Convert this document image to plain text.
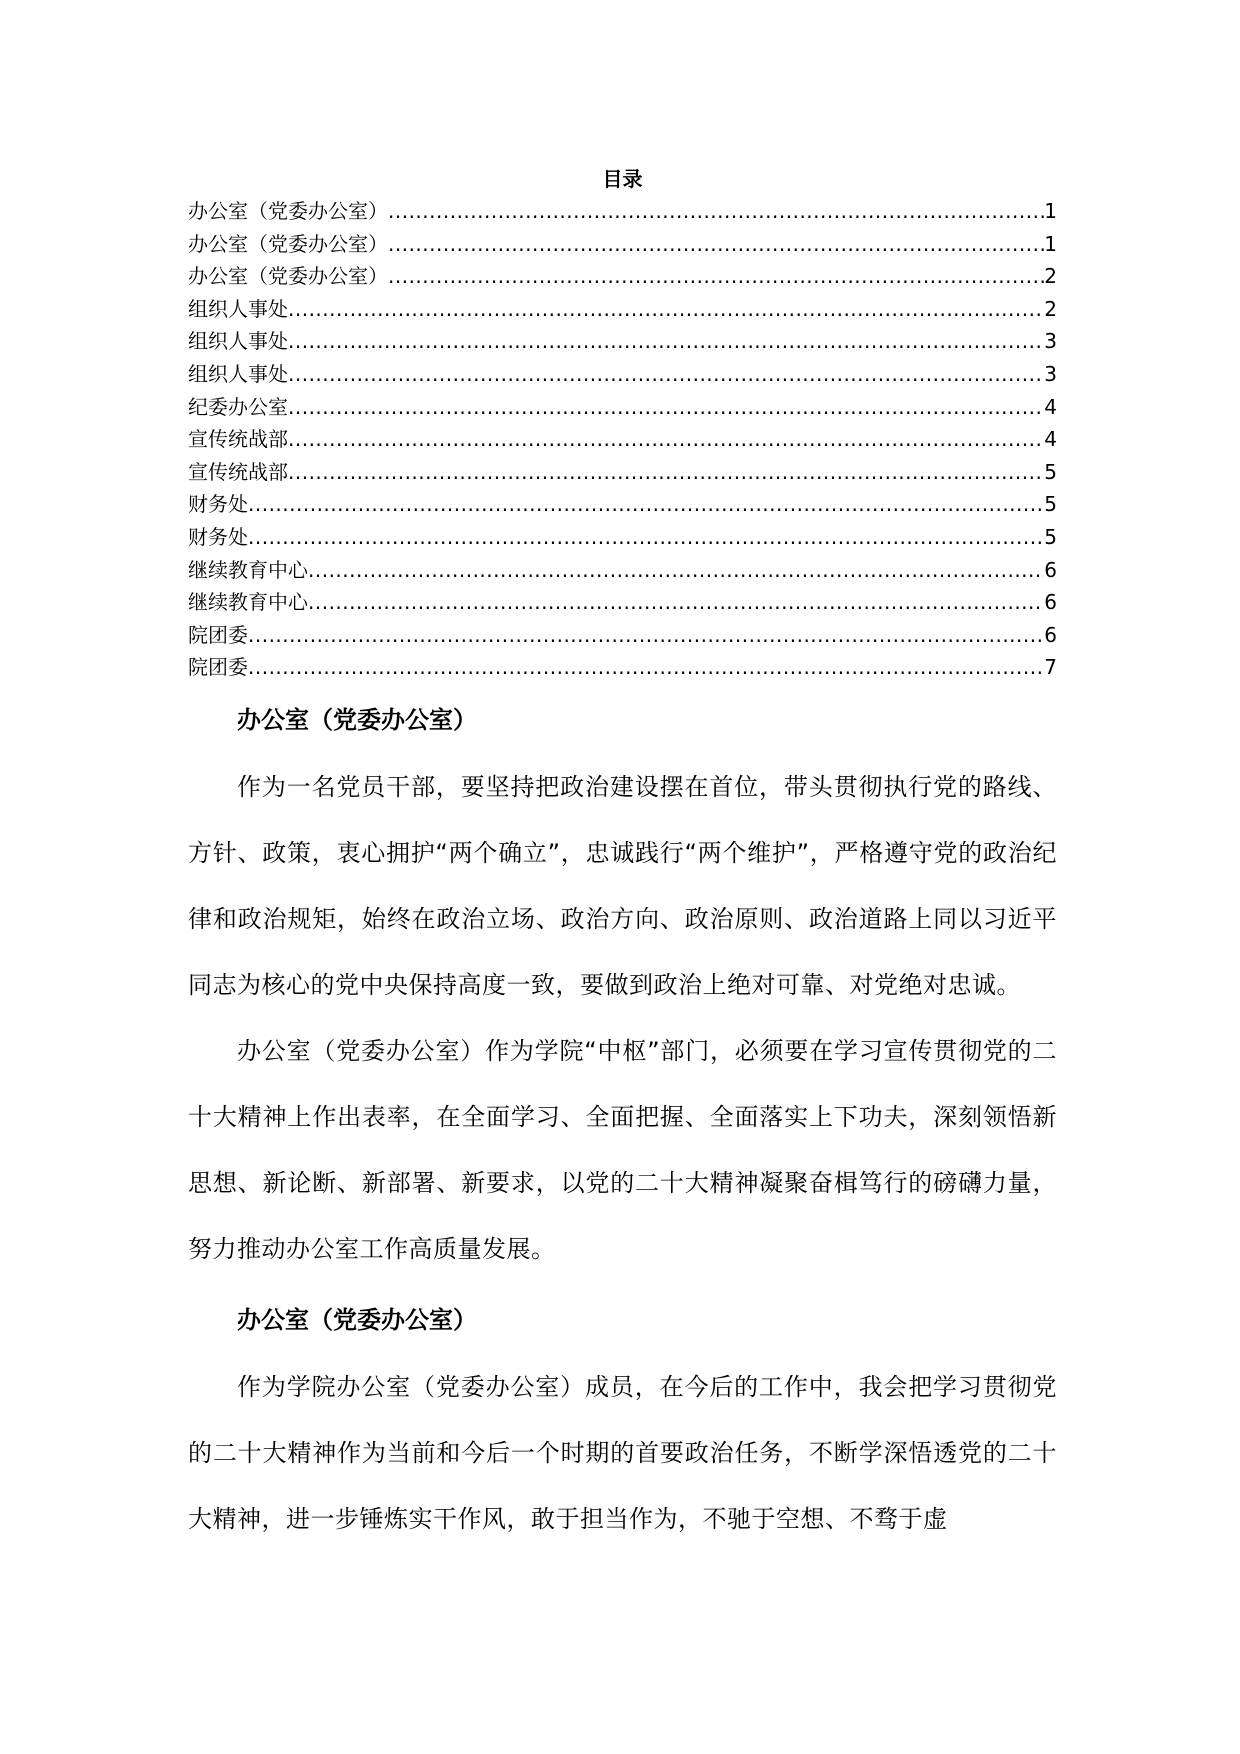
目录
办公室（党委办公室） .....	1
办公室（党委办公室） .....	1
办公室（党委办公室） .....	2
组织人事处 .....	2
组织人事处 .....	3
组织人事处 .....	3
纪委办公室 .....	4
宣传统战部 .....	4
宣传统战部 .....	5
财务处 .....	5
财务处 .....	5
继续教育中心 .....	6
继续教育中心 .....	6
院团委 .....	6
院团委 .....	7
办公室（党委办公室）

作为一名党员干部，要坚持把政治建设摆在首位，带头贯彻执行党的路线、方针、政策，衷心拥护“两个确立”，忠诚践行“两个维护”，严格遵守党的政治纪律和政治规矩，始终在政治立场、政治方向、政治原则、政治道路上同以习近平同志为核心的党中央保持高度一致，要做到政治上绝对可靠、对党绝对忠诚。

办公室（党委办公室）作为学院“中枢”部门，必须要在学习宣传贯彻党的二十大精神上作出表率，在全面学习、全面把握、全面落实上下功夫，深刻领悟新思想、新论断、新部署、新要求，以党的二十大精神凝聚奋楫笃行的磅礴力量，努力推动办公室工作高质量发展。

办公室（党委办公室）

作为学院办公室（党委办公室）成员，在今后的工作中，我会把学习贯彻党的二十大精神作为当前和今后一个时期的首要政治任务，不断学深悟透党的二十大精神，进一步锤炼实干作风，敢于担当作为，不驰于空想、不骛于虚
